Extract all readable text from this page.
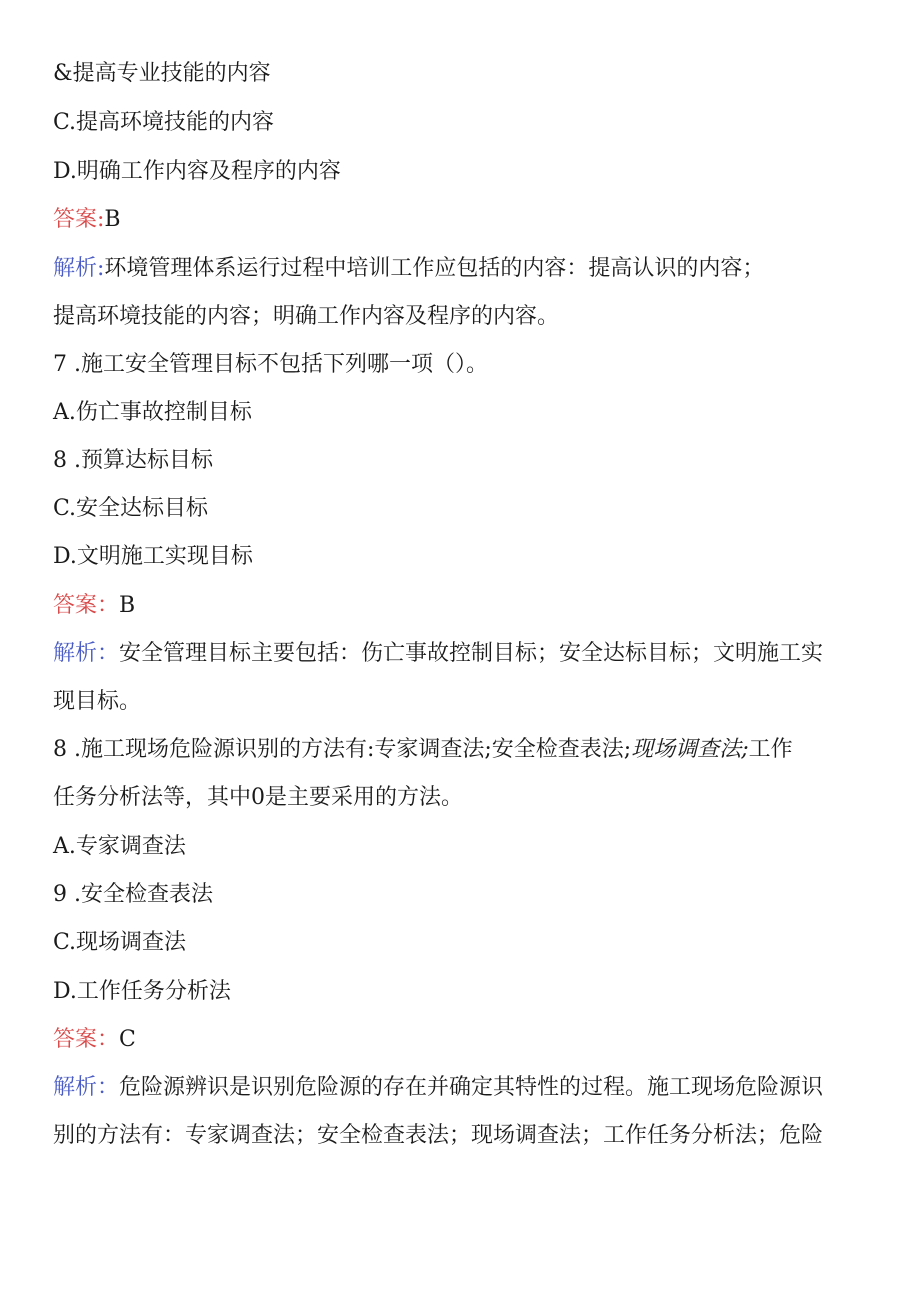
&提高专业技能的内容
C.提高环境技能的内容
D.明确工作内容及程序的内容
答案:B
解析:环境管理体系运行过程中培训工作应包括的内容：提高认识的内容；
提高环境技能的内容；明确工作内容及程序的内容。
7 .施工安全管理目标不包括下列哪一项（）。
A.伤亡事故控制目标
8 .预算达标目标
C.安全达标目标
D.文明施工实现目标
答案：B
解析：安全管理目标主要包括：伤亡事故控制目标；安全达标目标；文明施工实
现目标。
8 .施工现场危险源识别的方法有:专家调查法;安全检查表法;现场调查法;工作
任务分析法等，其中0是主要采用的方法。
A.专家调查法
9 .安全检查表法
C.现场调查法
D.工作任务分析法
答案：C
解析：危险源辨识是识别危险源的存在并确定其特性的过程。施工现场危险源识
别的方法有：专家调查法；安全检查表法；现场调查法；工作任务分析法；危险
